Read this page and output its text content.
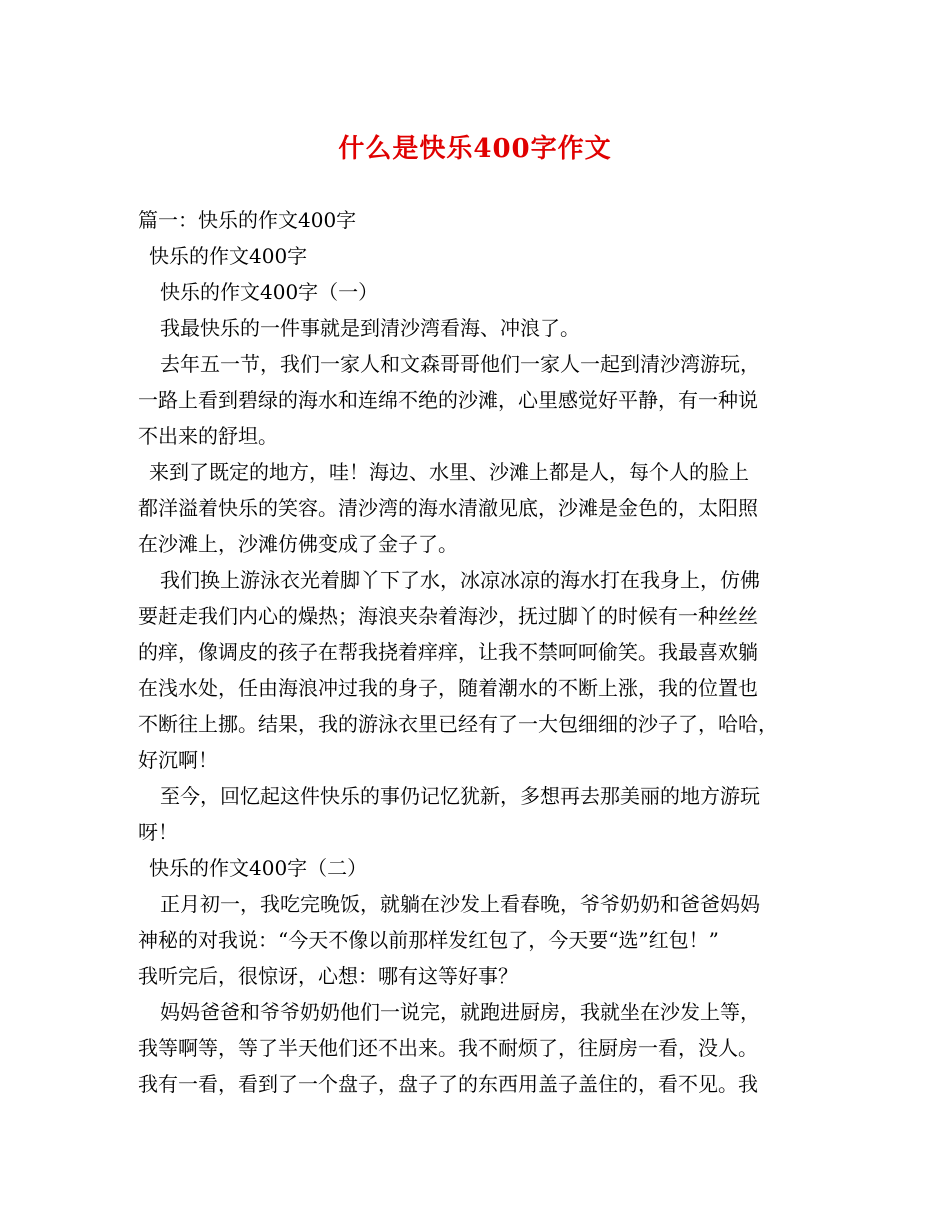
什么是快乐400字作文
篇一：快乐的作文400字
快乐的作文400字
快乐的作文400字（一）
我最快乐的一件事就是到清沙湾看海、冲浪了。
去年五一节，我们一家人和文森哥哥他们一家人一起到清沙湾游玩，
一路上看到碧绿的海水和连绵不绝的沙滩，心里感觉好平静，有一种说
不出来的舒坦。
来到了既定的地方，哇！海边、水里、沙滩上都是人，每个人的脸上
都洋溢着快乐的笑容。清沙湾的海水清澈见底，沙滩是金色的，太阳照
在沙滩上，沙滩仿佛变成了金子了。
我们换上游泳衣光着脚丫下了水，冰凉冰凉的海水打在我身上，仿佛
要赶走我们内心的燥热；海浪夹杂着海沙，抚过脚丫的时候有一种丝丝
的痒，像调皮的孩子在帮我挠着痒痒，让我不禁呵呵偷笑。我最喜欢躺
在浅水处，任由海浪冲过我的身子，随着潮水的不断上涨，我的位置也
不断往上挪。结果，我的游泳衣里已经有了一大包细细的沙子了，哈哈，
好沉啊！
至今，回忆起这件快乐的事仍记忆犹新，多想再去那美丽的地方游玩
呀！
快乐的作文400字（二）
正月初一，我吃完晚饭，就躺在沙发上看春晚，爷爷奶奶和爸爸妈妈
神秘的对我说：“今天不像以前那样发红包了，今天要“选”红包！”
我听完后，很惊讶，心想：哪有这等好事？
妈妈爸爸和爷爷奶奶他们一说完，就跑进厨房，我就坐在沙发上等，
我等啊等，等了半天他们还不出来。我不耐烦了，往厨房一看，没人。
我有一看，看到了一个盘子，盘子了的东西用盖子盖住的，看不见。我
